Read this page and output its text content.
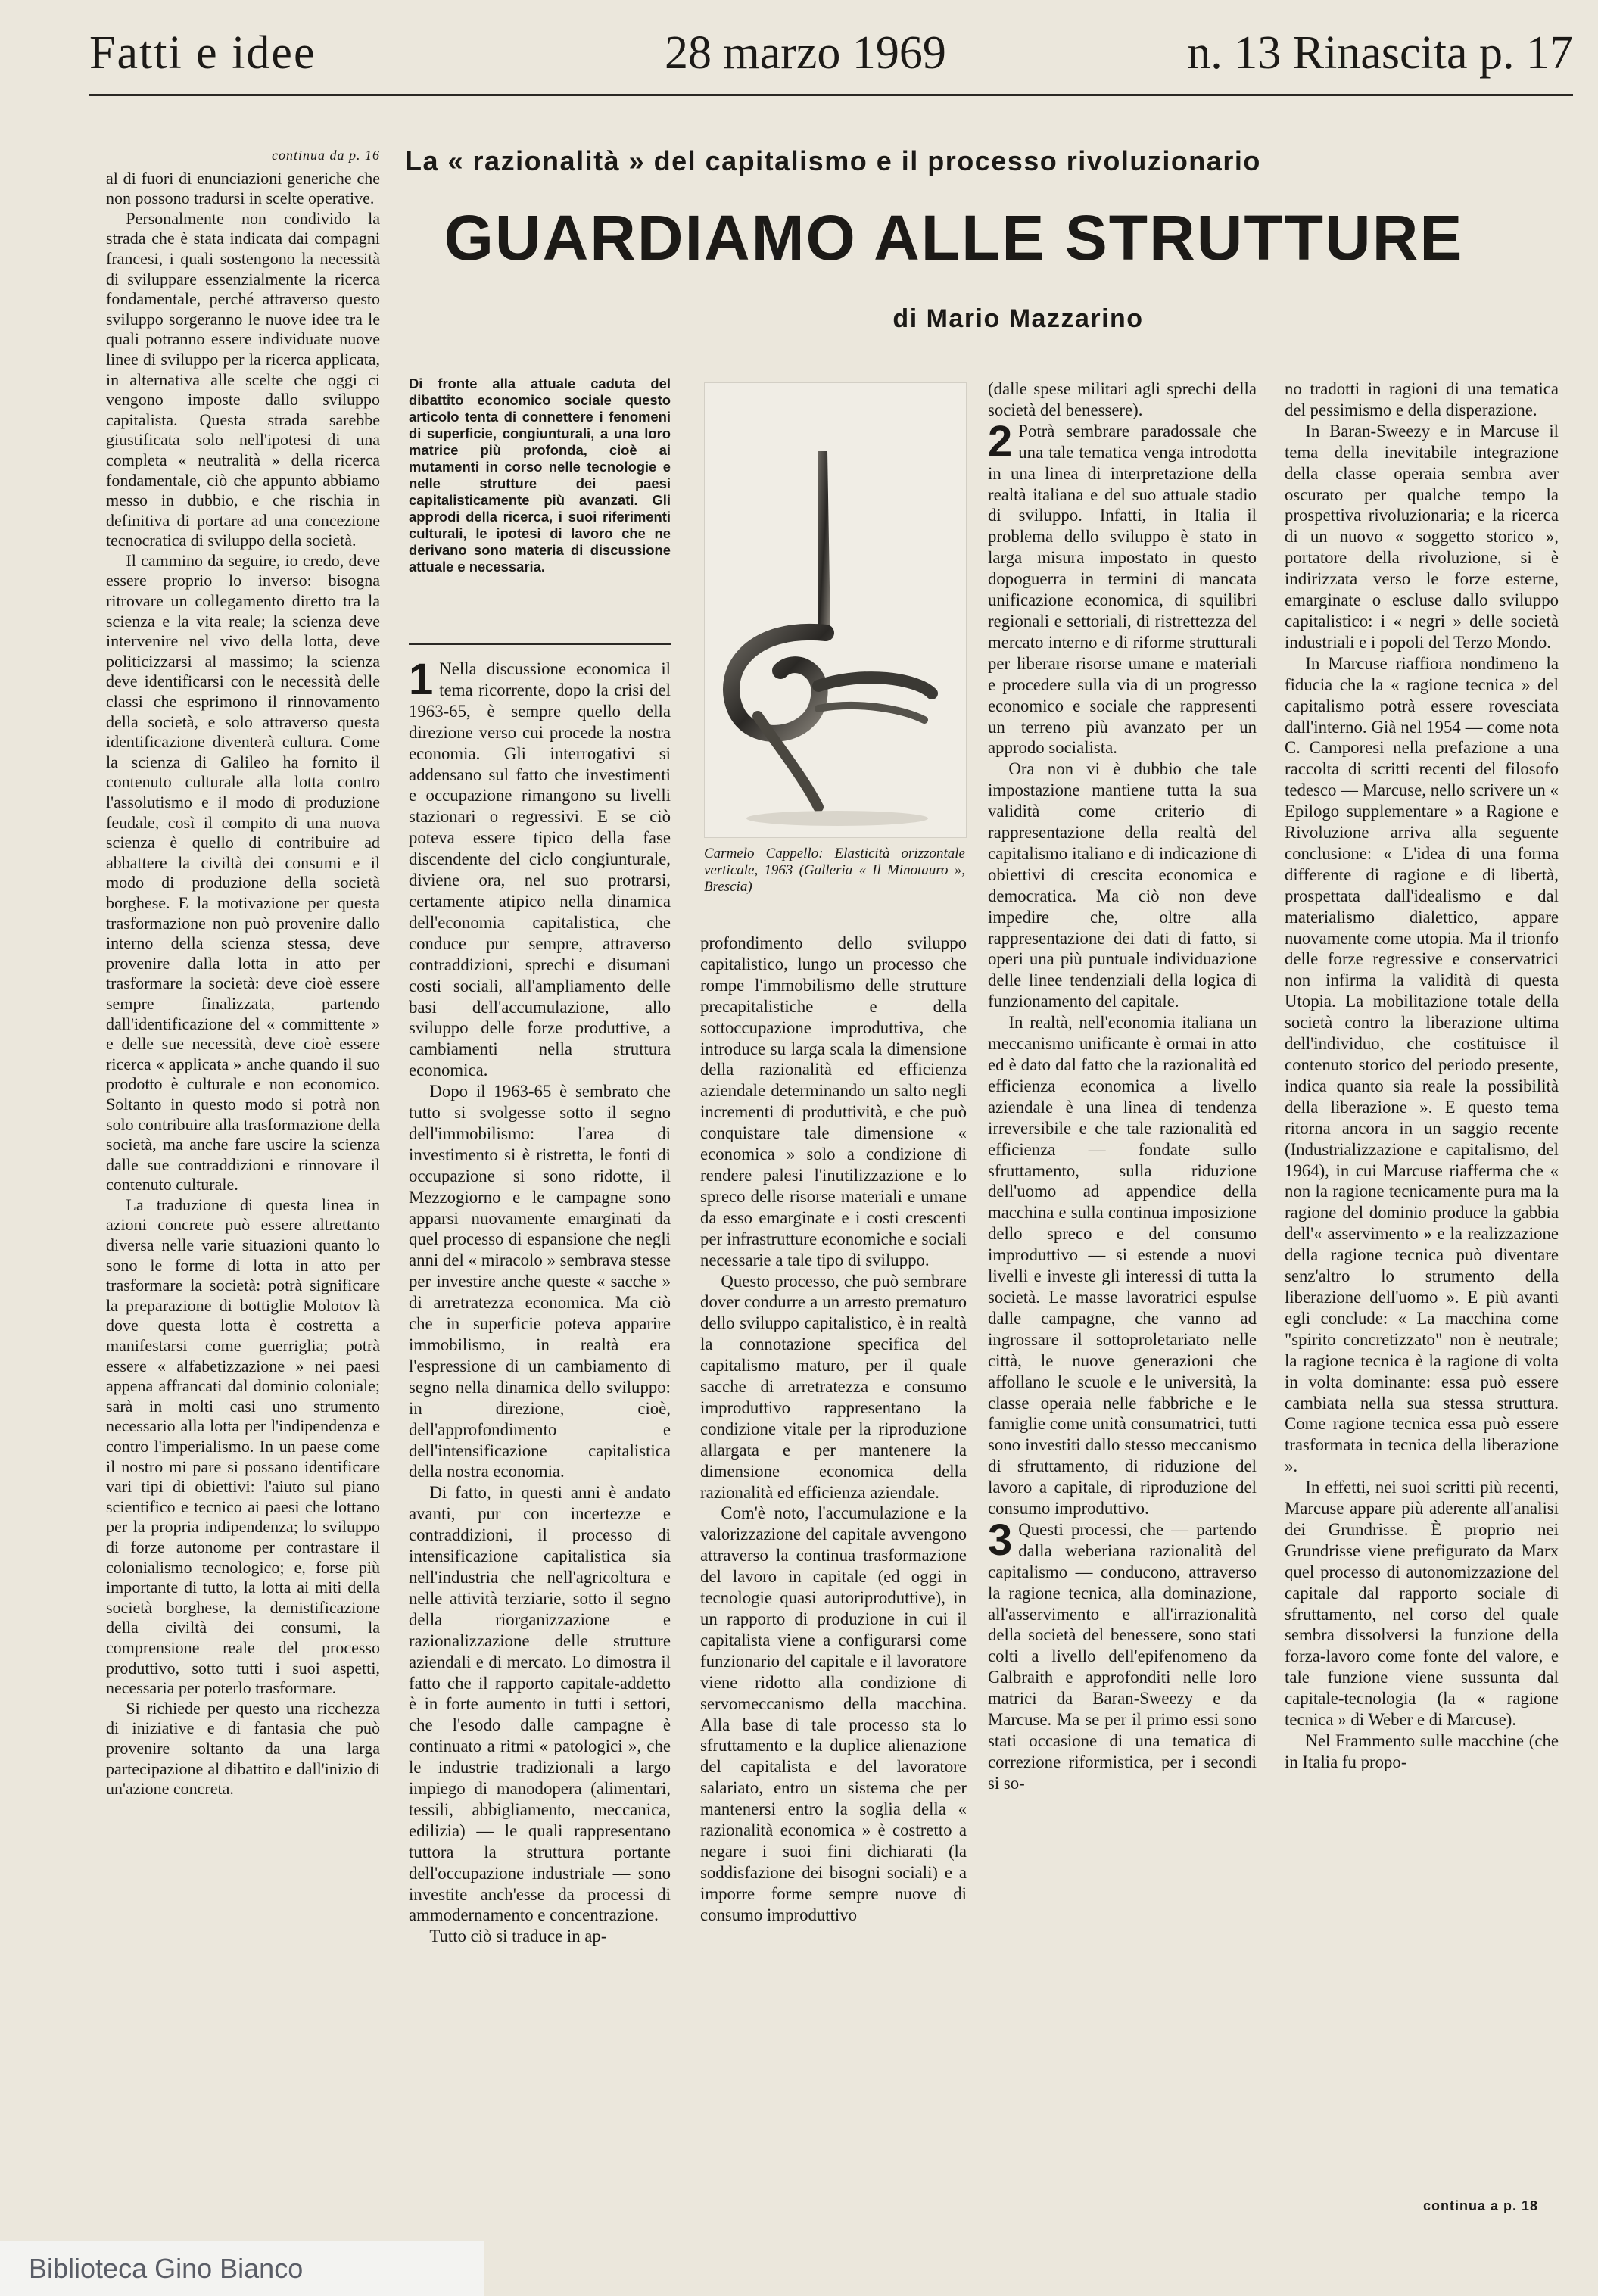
Fatti e idee	28 marzo 1969	n. 13 Rinascita p. 17
continua da p. 16

al di fuori di enunciazioni generiche che non possono tradursi in scelte operative.

Personalmente non condivido la strada che è stata indicata dai compagni francesi, i quali sostengono la necessità di sviluppare essenzialmente la ricerca fondamentale, perché attraverso questo sviluppo sorgeranno le nuove idee tra le quali potranno essere individuate nuove linee di sviluppo per la ricerca applicata, in alternativa alle scelte che oggi ci vengono imposte dallo sviluppo capitalista. Questa strada sarebbe giustificata solo nell'ipotesi di una completa « neutralità » della ricerca fondamentale, ciò che appunto abbiamo messo in dubbio, e che rischia in definitiva di portare ad una concezione tecnocratica di sviluppo della società.

Il cammino da seguire, io credo, deve essere proprio lo inverso: bisogna ritrovare un collegamento diretto tra la scienza e la vita reale; la scienza deve intervenire nel vivo della lotta, deve politicizzarsi al massimo; la scienza deve identificarsi con le necessità delle classi che esprimono il rinnovamento della società, e solo attraverso questa identificazione diventerà cultura. Come la scienza di Galileo ha fornito il contenuto culturale alla lotta contro l'assolutismo e il modo di produzione feudale, così il compito di una nuova scienza è quello di contribuire ad abbattere la civiltà dei consumi e il modo di produzione della società borghese. E la motivazione per questa trasformazione non può provenire dallo interno della scienza stessa, deve provenire dalla lotta in atto per trasformare la società: deve cioè essere sempre finalizzata, partendo dall'identificazione del « committente » e delle sue necessità, deve cioè essere ricerca « applicata » anche quando il suo prodotto è culturale e non economico. Soltanto in questo modo si potrà non solo contribuire alla trasformazione della società, ma anche fare uscire la scienza dalle sue contraddizioni e rinnovare il contenuto culturale.

La traduzione di questa linea in azioni concrete può essere altrettanto diversa nelle varie situazioni quanto lo sono le forme di lotta in atto per trasformare la società: potrà significare la preparazione di bottiglie Molotov là dove questa lotta è costretta a manifestarsi come guerriglia; potrà essere « alfabetizzazione » nei paesi appena affrancati dal dominio coloniale; sarà in molti casi uno strumento necessario alla lotta per l'indipendenza e contro l'imperialismo. In un paese come il nostro mi pare si possano identificare vari tipi di obiettivi: l'aiuto sul piano scientifico e tecnico ai paesi che lottano per la propria indipendenza; lo sviluppo di forze autonome per contrastare il colonialismo tecnologico; e, forse più importante di tutto, la lotta ai miti della società borghese, la demistificazione della civiltà dei consumi, la comprensione reale del processo produttivo, sotto tutti i suoi aspetti, necessaria per poterlo trasformare.

Si richiede per questo una ricchezza di iniziative e di fantasia che può provenire soltanto da una larga partecipazione al dibattito e dall'inizio di un'azione concreta.

La « razionalità » del capitalismo e il processo rivoluzionario
GUARDIAMO ALLE STRUTTURE
di Mario Mazzarino
Di fronte alla attuale caduta del dibattito economico sociale questo articolo tenta di connettere i fenomeni di superficie, congiunturali, a una loro matrice più profonda, cioè ai mutamenti in corso nelle tecnologie e nelle strutture dei paesi capitalisticamente più avanzati. Gli approdi della ricerca, i suoi riferimenti culturali, le ipotesi di lavoro che ne derivano sono materia di discussione attuale e necessaria.
Carmelo Cappello: Elasticità orizzontale verticale, 1963 (Galleria « Il Minotauro », Brescia)

1 Nella discussione economica il tema ricorrente, dopo la crisi del 1963-65, è sempre quello della direzione verso cui procede la nostra economia. Gli interrogativi si addensano sul fatto che investimenti e occupazione rimangono su livelli stazionari o regressivi. E se ciò poteva essere tipico della fase discendente del ciclo congiunturale, diviene ora, nel suo protrarsi, certamente atipico nella dinamica dell'economia capitalistica, che conduce pur sempre, attraverso contraddizioni, sprechi e disumani costi sociali, all'ampliamento delle basi dell'accumulazione, allo sviluppo delle forze produttive, a cambiamenti nella struttura economica.

Dopo il 1963-65 è sembrato che tutto si svolgesse sotto il segno dell'immobilismo: l'area di investimento si è ristretta, le fonti di occupazione si sono ridotte, il Mezzogiorno e le campagne sono apparsi nuovamente emarginati da quel processo di espansione che negli anni del « miracolo » sembrava stesse per investire anche queste « sacche » di arretratezza economica. Ma ciò che in superficie poteva apparire immobilismo, in realtà era l'espressione di un cambiamento di segno nella dinamica dello sviluppo: in direzione, cioè, dell'approfondimento e dell'intensificazione capitalistica della nostra economia.

Di fatto, in questi anni è andato avanti, pur con incertezze e contraddizioni, il processo di intensificazione capitalistica sia nell'industria che nell'agricoltura e nelle attività terziarie, sotto il segno della riorganizzazione e razionalizzazione delle strutture aziendali e di mercato. Lo dimostra il fatto che il rapporto capitale-addetto è in forte aumento in tutti i settori, che l'esodo dalle campagne è continuato a ritmi « patologici », che le industrie tradizionali a largo impiego di manodopera (alimentari, tessili, abbigliamento, meccanica, edilizia) — le quali rappresentano tuttora la struttura portante dell'occupazione industriale — sono investite anch'esse da processi di ammodernamento e concentrazione.

Tutto ciò si traduce in ap-

profondimento dello sviluppo capitalistico, lungo un processo che rompe l'immobilismo delle strutture precapitalistiche e della sottoccupazione improduttiva, che introduce su larga scala la dimensione della razionalità ed efficienza aziendale determinando un salto negli incrementi di produttività, e che può conquistare tale dimensione « economica » solo a condizione di rendere palesi l'inutilizzazione e lo spreco delle risorse materiali e umane da esso emarginate e i costi crescenti per infrastrutture economiche e sociali necessarie a tale tipo di sviluppo.

Questo processo, che può sembrare dover condurre a un arresto prematuro dello sviluppo capitalistico, è in realtà la connotazione specifica del capitalismo maturo, per il quale sacche di arretratezza e consumo improduttivo rappresentano la condizione vitale per la riproduzione allargata e per mantenere la dimensione economica della razionalità ed efficienza aziendale.

Com'è noto, l'accumulazione e la valorizzazione del capitale avvengono attraverso la continua trasformazione del lavoro in capitale (ed oggi in tecnologie quasi autoriproduttive), in un rapporto di produzione in cui il capitalista viene a configurarsi come funzionario del capitale e il lavoratore viene ridotto alla condizione di servomeccanismo della macchina. Alla base di tale processo sta lo sfruttamento e la duplice alienazione del capitalista e del lavoratore salariato, entro un sistema che per mantenersi entro la soglia della « razionalità economica » è costretto a negare i suoi fini dichiarati (la soddisfazione dei bisogni sociali) e a imporre forme sempre nuove di consumo improduttivo

(dalle spese militari agli sprechi della società del benessere).

2 Potrà sembrare paradossale che una tale tematica venga introdotta in una linea di interpretazione della realtà italiana e del suo attuale stadio di sviluppo. Infatti, in Italia il problema dello sviluppo è stato in larga misura impostato in questo dopoguerra in termini di mancata unificazione economica, di squilibri regionali e settoriali, di ristrettezza del mercato interno e di riforme strutturali per liberare risorse umane e materiali e procedere sulla via di un progresso economico e sociale che rappresenti un terreno più avanzato per un approdo socialista.

Ora non vi è dubbio che tale impostazione mantiene tutta la sua validità come criterio di rappresentazione della realtà del capitalismo italiano e di indicazione di obiettivi di crescita economica e democratica. Ma ciò non deve impedire che, oltre alla rappresentazione dei dati di fatto, si operi una più puntuale individuazione delle linee tendenziali della logica di funzionamento del capitale.

In realtà, nell'economia italiana un meccanismo unificante è ormai in atto ed è dato dal fatto che la razionalità ed efficienza economica a livello aziendale è una linea di tendenza irreversibile e che tale razionalità ed efficienza — fondate sullo sfruttamento, sulla riduzione dell'uomo ad appendice della macchina e sulla continua imposizione dello spreco e del consumo improduttivo — si estende a nuovi livelli e investe gli interessi di tutta la società. Le masse lavoratrici espulse dalle campagne, che vanno ad ingrossare il sottoproletariato nelle città, le nuove generazioni che affollano le scuole e le università, la classe operaia nelle fabbriche e le famiglie come unità consumatrici, tutti sono investiti dallo stesso meccanismo di sfruttamento, di riduzione del lavoro a capitale, di riproduzione del consumo improduttivo.

3 Questi processi, che — partendo dalla weberiana razionalità del capitalismo — conducono, attraverso la ragione tecnica, alla dominazione, all'asservimento e all'irrazionalità della società del benessere, sono stati colti a livello dell'epifenomeno da Galbraith e approfonditi nelle loro matrici da Baran-Sweezy e da Marcuse. Ma se per il primo essi sono stati occasione di una tematica di correzione riformistica, per i secondi si so-

no tradotti in ragioni di una tematica del pessimismo e della disperazione.

In Baran-Sweezy e in Marcuse il tema della inevitabile integrazione della classe operaia sembra aver oscurato per qualche tempo la prospettiva rivoluzionaria; e la ricerca di un nuovo « soggetto storico », portatore della rivoluzione, si è indirizzata verso le forze esterne, emarginate o escluse dallo sviluppo capitalistico: i « negri » delle società industriali e i popoli del Terzo Mondo.

In Marcuse riaffiora nondimeno la fiducia che la « ragione tecnica » del capitalismo potrà essere rovesciata dall'interno. Già nel 1954 — come nota C. Camporesi nella prefazione a una raccolta di scritti recenti del filosofo tedesco — Marcuse, nello scrivere un « Epilogo supplementare » a Ragione e Rivoluzione arriva alla seguente conclusione: « L'idea di una forma differente di ragione e di libertà, prospettata dall'idealismo e dal materialismo dialettico, appare nuovamente come utopia. Ma il trionfo delle forze regressive e conservatrici non infirma la validità di questa Utopia. La mobilitazione totale della società contro la liberazione ultima dell'individuo, che costituisce il contenuto storico del periodo presente, indica quanto sia reale la possibilità della liberazione ». E questo tema ritorna ancora in un saggio recente (Industrializzazione e capitalismo, del 1964), in cui Marcuse riafferma che « non la ragione tecnicamente pura ma la ragione del dominio produce la gabbia dell'« asservimento » e la realizzazione della ragione tecnica può diventare senz'altro lo strumento della liberazione dell'uomo ». E più avanti egli conclude: « La macchina come "spirito concretizzato" non è neutrale; la ragione tecnica è la ragione di volta in volta dominante: essa può essere cambiata nella sua stessa struttura. Come ragione tecnica essa può essere trasformata in tecnica della liberazione ».

In effetti, nei suoi scritti più recenti, Marcuse appare più aderente all'analisi dei Grundrisse. È proprio nei Grundrisse viene prefigurato da Marx quel processo di autonomizzazione del capitale dal rapporto sociale di sfruttamento, nel corso del quale sembra dissolversi la funzione della forza-lavoro come fonte del valore, e tale funzione viene sussunta dal capitale-tecnologia (la « ragione tecnica » di Weber e di Marcuse).

Nel Frammento sulle macchine (che in Italia fu propo-

continua a p. 18
Biblioteca Gino Bianco
